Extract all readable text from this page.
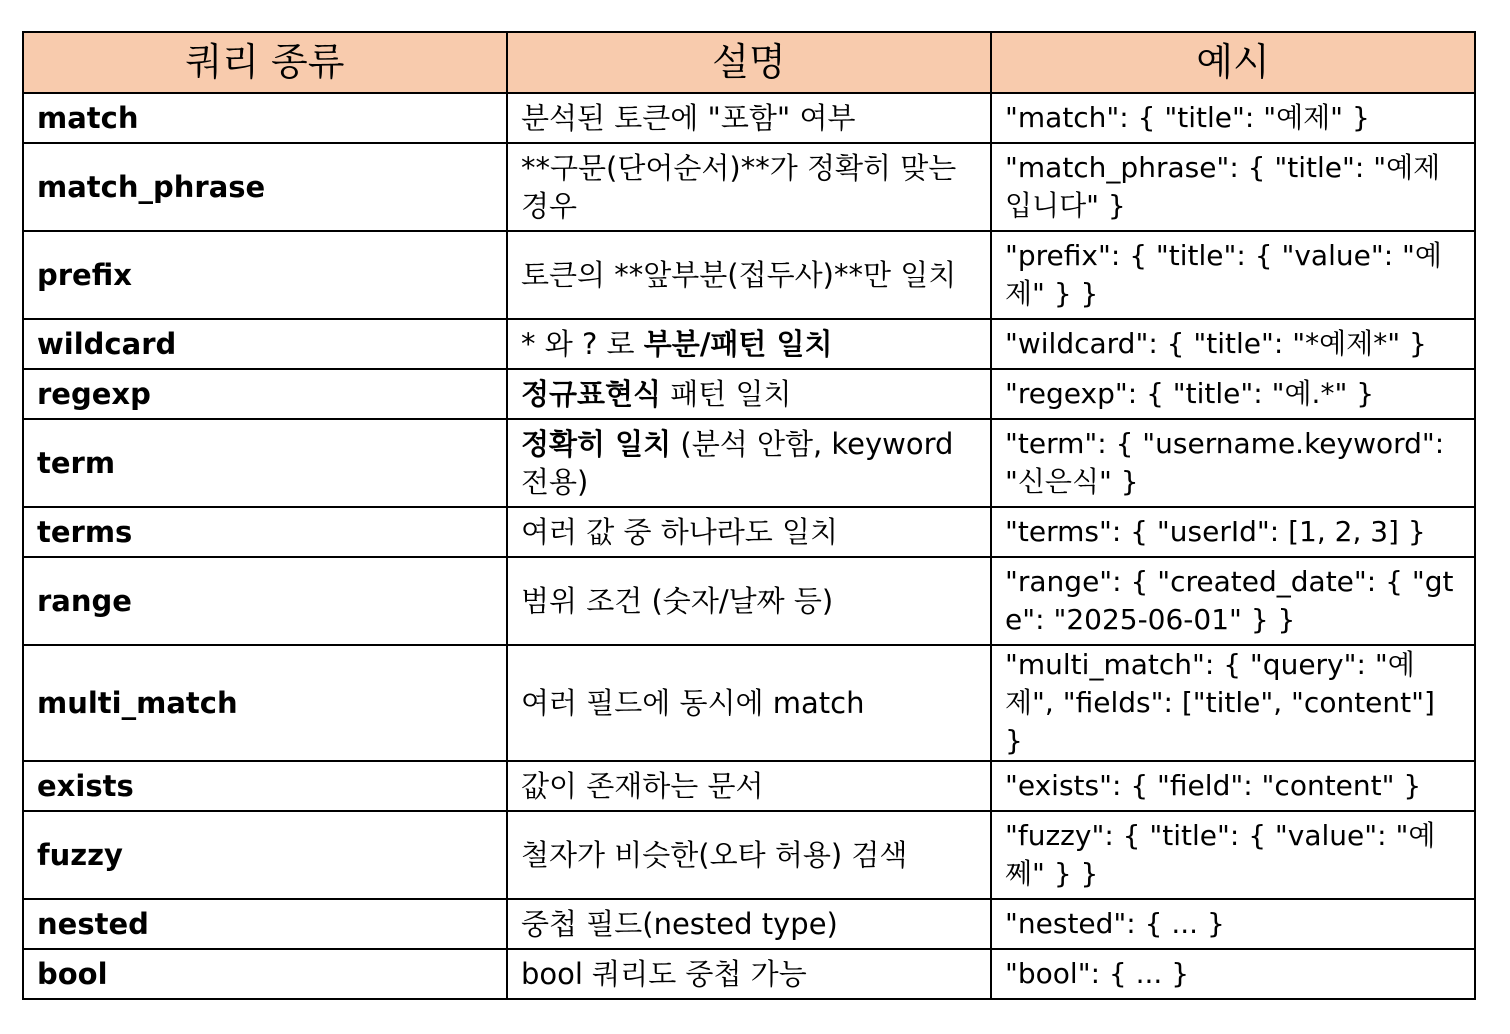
쿼리 종류	설명	예시
match	분석된 토큰에 "포함" 여부	"match": { "title": "예제" }
match_phrase	**구문(단어순서)**가 정확히 맞는 경우	"match_phrase": { "title": "예제 입니다" }
prefix	토큰의 **앞부분(접두사)**만 일치	"prefix": { "title": { "value": "예제" } }
wildcard	* 와 ? 로 부분/패턴 일치	"wildcard": { "title": "*예제*" }
regexp	정규표현식 패턴 일치	"regexp": { "title": "예.*" }
term	정확히 일치 (분석 안함, keyword 전용)	"term": { "username.keyword": "신은식" }
terms	여러 값 중 하나라도 일치	"terms": { "userId": [1, 2, 3] }
range	범위 조건 (숫자/날짜 등)	"range": { "created_date": { "gte": "2025-06-01" } }
multi_match	여러 필드에 동시에 match	"multi_match": { "query": "예제", "fields": ["title", "content"] }
exists	값이 존재하는 문서	"exists": { "field": "content" }
fuzzy	철자가 비슷한(오타 허용) 검색	"fuzzy": { "title": { "value": "예쩨" } }
nested	중첩 필드(nested type)	"nested": { ... }
bool	bool 쿼리도 중첩 가능	"bool": { ... }
